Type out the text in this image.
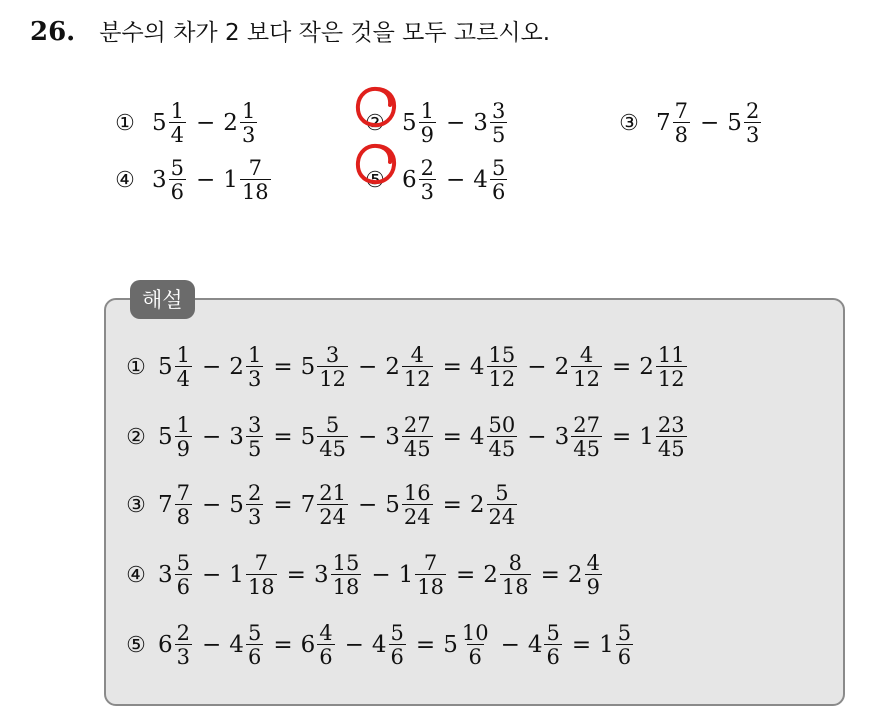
26. 분수의 차가 2 보다 작은 것을 모두 고르시오.
① $5 \frac{1}{4} - 2 \frac{1}{3}$	② $5 \frac{1}{9} - 3 \frac{3}{5}$	③ $7 \frac{7}{8} - 5 \frac{2}{3}$
④ $3 \frac{5}{6} - 1 \frac{7}{18}$	⑤ $6 \frac{2}{3} - 4 \frac{5}{6}$
해설
① $5 \frac{1}{4} - 2 \frac{1}{3} = 5 \frac{3}{12} - 2 \frac{4}{12} = 4 \frac{15}{12} - 2 \frac{4}{12} = 2 \frac{11}{12}$
② $5 \frac{1}{9} - 3 \frac{3}{5} = 5 \frac{5}{45} - 3 \frac{27}{45} = 4 \frac{50}{45} - 3 \frac{27}{45} = 1 \frac{23}{45}$
③ $7 \frac{7}{8} - 5 \frac{2}{3} = 7 \frac{21}{24} - 5 \frac{16}{24} = 2 \frac{5}{24}$
④ $3 \frac{5}{6} - 1 \frac{7}{18} = 3 \frac{15}{18} - 1 \frac{7}{18} = 2 \frac{8}{18} = 2 \frac{4}{9}$
⑤ $6 \frac{2}{3} - 4 \frac{5}{6} = 6 \frac{4}{6} - 4 \frac{5}{6} = 5 \frac{10}{6} - 4 \frac{5}{6} = 1 \frac{5}{6}$
